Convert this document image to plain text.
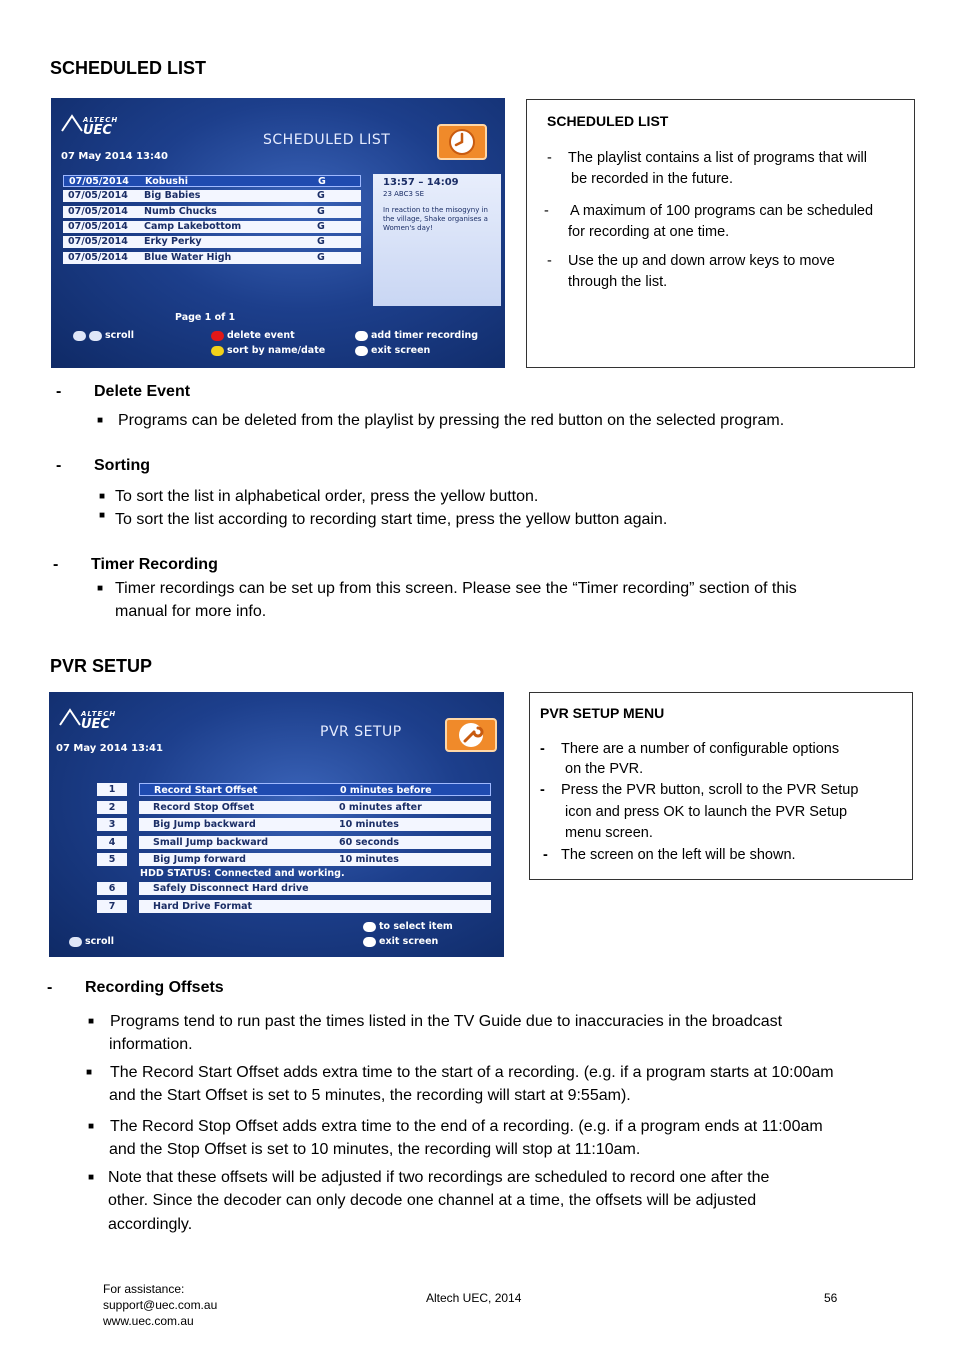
SCHEDULED LIST
ALTECH
UEC
SCHEDULED LIST
07 May 2014 13:40
07/05/2014 Kobushi	G
07/05/2014 Big Babies	G
07/05/2014 Numb Chucks	G
07/05/2014 Camp Lakebottom	G
07/05/2014 Erky Perky	G
07/05/2014 Blue Water High	G
13:57 – 14:09
23 ABC3 SE
In reaction to the misogyny in the village, Shake organises a Women's day!
Page 1 of 1
scroll	delete event
sort by name/date
add timer recording
exit screen
SCHEDULED LIST
- The playlist contains a list of programs that will
be recorded in the future.
- A maximum of 100 programs can be scheduled
for recording at one time.
- Use the up and down arrow keys to move
through the list.
- Delete Event
■ Programs can be deleted from the playlist by pressing the red button on the selected program.
- Sorting
■ To sort the list in alphabetical order, press the yellow button.
■ To sort the list according to recording start time, press the yellow button again.
- Timer Recording
■ Timer recordings can be set up from this screen. Please see the “Timer recording” section of this
manual for more info.
PVR SETUP
ALTECH
UEC	PVR SETUP
07 May 2014 13:41
1	Record Start Offset	0 minutes before
2	Record Stop Offset	0 minutes after
3	Big Jump backward	10 minutes
4	Small Jump backward	60 seconds
5	Big Jump forward	10 minutes
HDD STATUS: Connected and working.
6	Safely Disconnect Hard drive
7	Hard Drive Format
scroll
to select item
exit screen
PVR SETUP MENU
- There are a number of configurable options
on the PVR.
- Press the PVR button, scroll to the PVR Setup
icon and press OK to launch the PVR Setup
menu screen.
- The screen on the left will be shown.
- Recording Offsets
■ Programs tend to run past the times listed in the TV Guide due to inaccuracies in the broadcast
information.
■ The Record Start Offset adds extra time to the start of a recording. (e.g. if a program starts at 10:00am
and the Start Offset is set to 5 minutes, the recording will start at 9:55am).
■ The Record Stop Offset adds extra time to the end of a recording. (e.g. if a program ends at 11:00am
and the Stop Offset is set to 10 minutes, the recording will stop at 11:10am.
■ Note that these offsets will be adjusted if two recordings are scheduled to record one after the
other. Since the decoder can only decode one channel at a time, the offsets will be adjusted
accordingly.
For assistance:
support@uec.com.au
www.uec.com.au
Altech UEC, 2014	56
